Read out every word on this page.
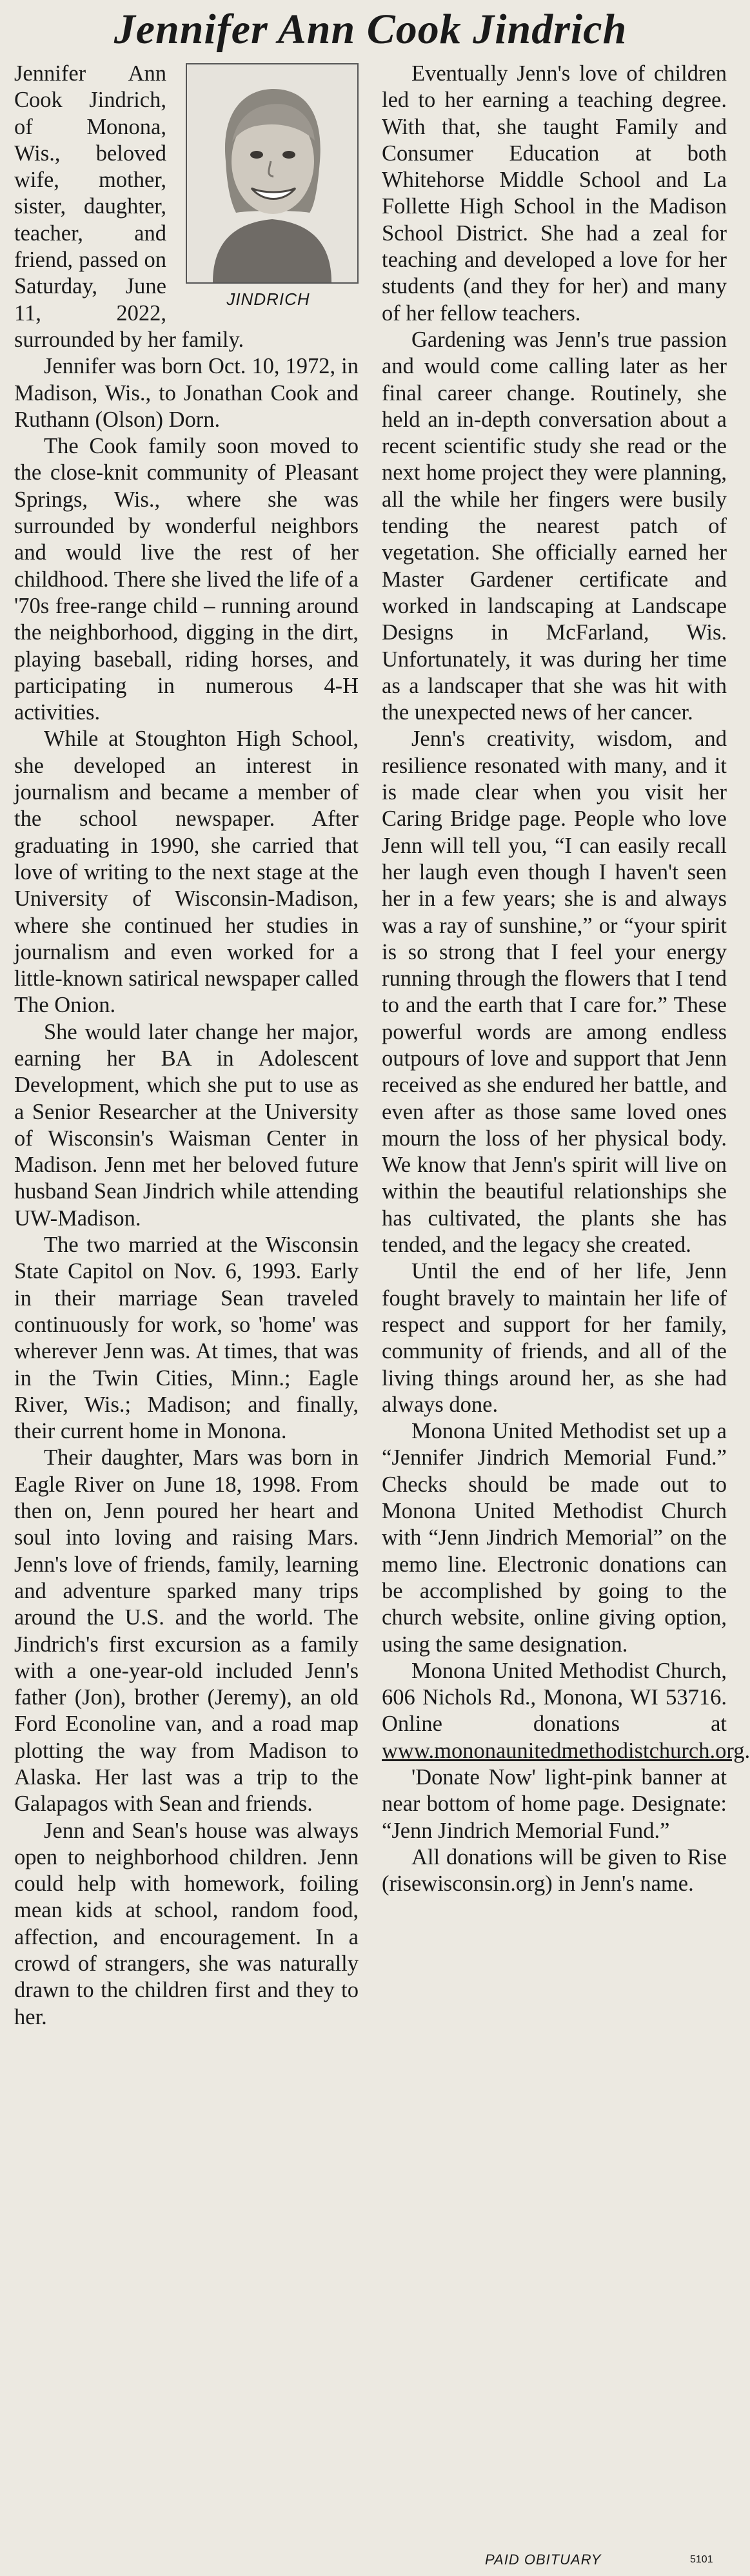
Jennifer Ann Cook Jindrich
JINDRICH

Jennifer Ann Cook Jindrich, of Monona, Wis., beloved wife, mother, sister, daughter, teacher, and friend, passed on Saturday, June 11, 2022, surrounded by her family.

Jennifer was born Oct. 10, 1972, in Madison, Wis., to Jonathan Cook and Ruthann (Olson) Dorn.

The Cook family soon moved to the close-knit community of Pleasant Springs, Wis., where she was surrounded by wonderful neighbors and would live the rest of her childhood. There she lived the life of a '70s free-range child – running around the neighborhood, digging in the dirt, playing baseball, riding horses, and participating in numerous 4-H activities.

While at Stoughton High School, she developed an interest in journalism and became a member of the school newspaper. After graduating in 1990, she carried that love of writing to the next stage at the University of Wisconsin-Madison, where she continued her studies in journalism and even worked for a little-known satirical newspaper called The Onion.

She would later change her major, earning her BA in Adolescent Development, which she put to use as a Senior Researcher at the University of Wisconsin's Waisman Center in Madison. Jenn met her beloved future husband Sean Jindrich while attending UW-Madison.

The two married at the Wisconsin State Capitol on Nov. 6, 1993. Early in their marriage Sean traveled continuously for work, so 'home' was wherever Jenn was. At times, that was in the Twin Cities, Minn.; Eagle River, Wis.; Madison; and finally, their current home in Monona.

Their daughter, Mars was born in Eagle River on June 18, 1998. From then on, Jenn poured her heart and soul into loving and raising Mars. Jenn's love of friends, family, learning and adventure sparked many trips around the U.S. and the world. The Jindrich's first excursion as a family with a one-year-old included Jenn's father (Jon), brother (Jeremy), an old Ford Econoline van, and a road map plotting the way from Madison to Alaska. Her last was a trip to the Galapagos with Sean and friends.

Jenn and Sean's house was always open to neighborhood children. Jenn could help with homework, foiling mean kids at school, random food, affection, and encouragement. In a crowd of strangers, she was naturally drawn to the children first and they to her.

Eventually Jenn's love of children led to her earning a teaching degree. With that, she taught Family and Consumer Education at both Whitehorse Middle School and La Follette High School in the Madison School District. She had a zeal for teaching and developed a love for her students (and they for her) and many of her fellow teachers.

Gardening was Jenn's true passion and would come calling later as her final career change. Routinely, she held an in-depth conversation about a recent scientific study she read or the next home project they were planning, all the while her fingers were busily tending the nearest patch of vegetation. She officially earned her Master Gardener certificate and worked in landscaping at Landscape Designs in McFarland, Wis. Unfortunately, it was during her time as a landscaper that she was hit with the unexpected news of her cancer.

Jenn's creativity, wisdom, and resilience resonated with many, and it is made clear when you visit her Caring Bridge page. People who love Jenn will tell you, “I can easily recall her laugh even though I haven't seen her in a few years; she is and always was a ray of sunshine,” or “your spirit is so strong that I feel your energy running through the flowers that I tend to and the earth that I care for.” These powerful words are among endless outpours of love and support that Jenn received as she endured her battle, and even after as those same loved ones mourn the loss of her physical body. We know that Jenn's spirit will live on within the beautiful relationships she has cultivated, the plants she has tended, and the legacy she created.

Until the end of her life, Jenn fought bravely to maintain her life of respect and support for her family, community of friends, and all of the living things around her, as she had always done.

Monona United Methodist set up a “Jennifer Jindrich Memorial Fund.” Checks should be made out to Monona United Methodist Church with “Jenn Jindrich Memorial” on the memo line. Electronic donations can be accomplished by going to the church website, online giving option, using the same designation.

Monona United Methodist Church, 606 Nichols Rd., Monona, WI 53716. Online donations at www.mononaunitedmethodistchurch.org.

'Donate Now' light-pink banner at near bottom of home page. Designate: “Jenn Jindrich Memorial Fund.”

All donations will be given to Rise (risewisconsin.org) in Jenn's name.

PAID OBITUARY	5101
